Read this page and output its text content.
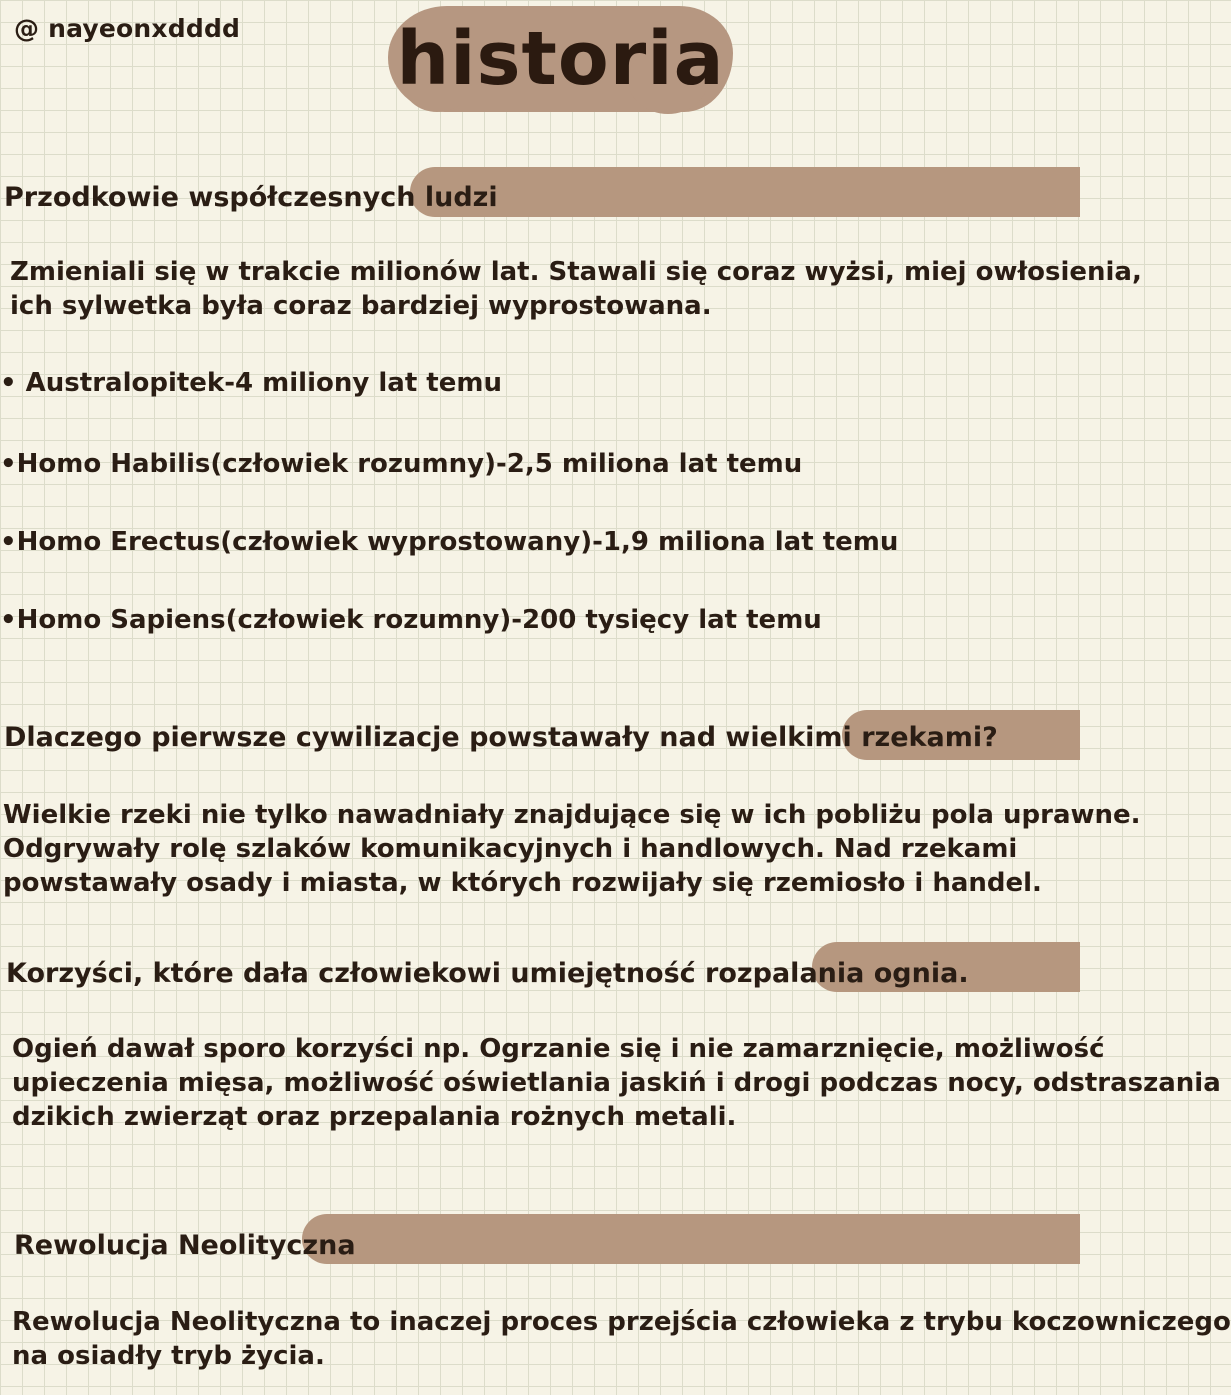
@ nayeonxdddd historia
Przodkowie współczesnych ludzi
Zmieniali się w trakcie milionów lat. Stawali się coraz wyżsi, miej owłosienia,
ich sylwetka była coraz bardziej wyprostowana.
• Australopitek-4 miliony lat temu
•Homo Habilis(człowiek rozumny)-2,5 miliona lat temu
•Homo Erectus(człowiek wyprostowany)-1,9 miliona lat temu
•Homo Sapiens(człowiek rozumny)-200 tysięcy lat temu
Dlaczego pierwsze cywilizacje powstawały nad wielkimi rzekami?
Wielkie rzeki nie tylko nawadniały znajdujące się w ich pobliżu pola uprawne.
Odgrywały rolę szlaków komunikacyjnych i handlowych. Nad rzekami
powstawały osady i miasta, w których rozwijały się rzemiosło i handel.
Korzyści, które dała człowiekowi umiejętność rozpalania ognia.
Ogień dawał sporo korzyści np. Ogrzanie się i nie zamarznięcie, możliwość
upieczenia mięsa, możliwość oświetlania jaskiń i drogi podczas nocy, odstraszania
dzikich zwierząt oraz przepalania rożnych metali.
Rewolucja Neolityczna
Rewolucja Neolityczna to inaczej proces przejścia człowieka z trybu koczowniczego
na osiadły tryb życia.
